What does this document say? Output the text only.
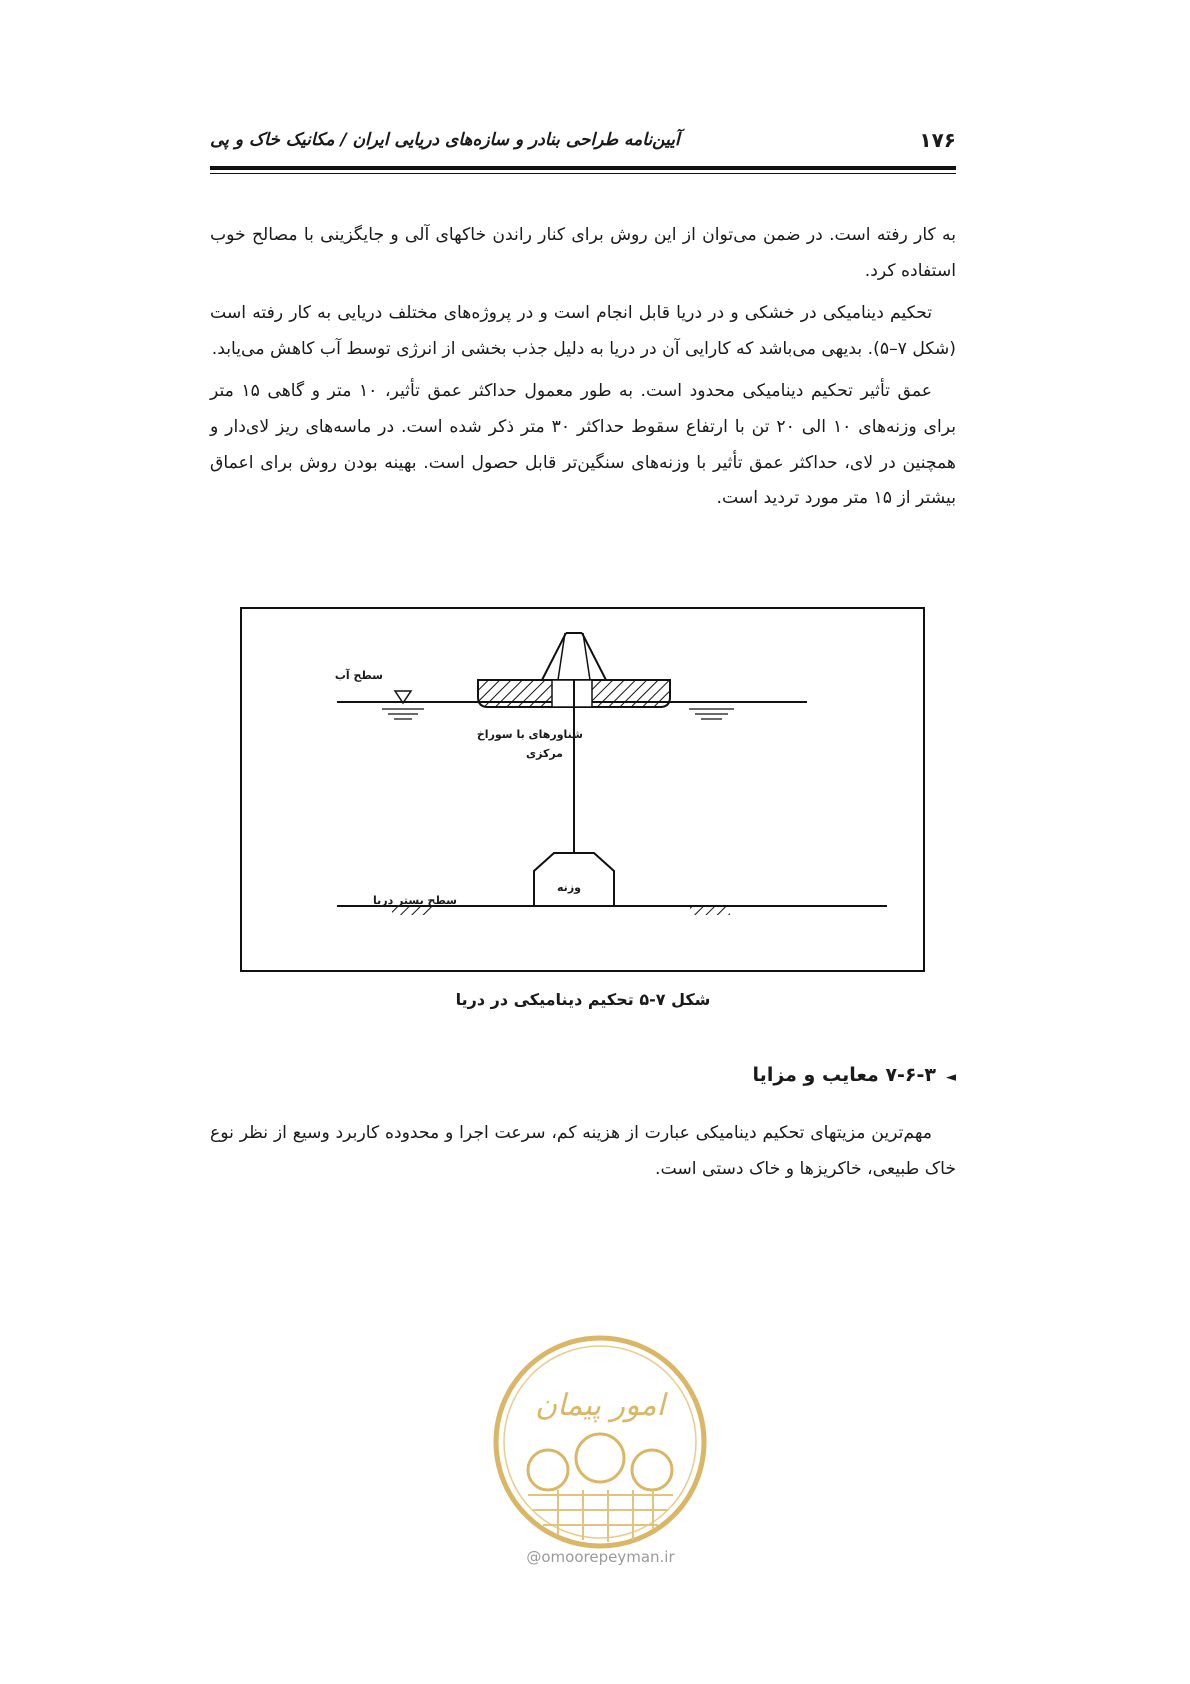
۱۷۶
آیین‌نامه طراحی بنادر و سازه‌های دریایی ایران / مکانیک خاک و پی

به کار رفته است. در ضمن می‌توان از این روش برای کنار راندن خاکهای آلی و جایگزینی با مصالح خوب استفاده کرد.

تحکیم دینامیکی در خشکی و در دریا قابل انجام است و در پروژه‌های مختلف دریایی به کار رفته است (شکل ۷–۵). بدیهی می‌باشد که کارایی آن در دریا به دلیل جذب بخشی از انرژی توسط آب کاهش می‌یابد.

عمق تأثیر تحکیم دینامیکی محدود است. به طور معمول حداکثر عمق تأثیر، ۱۰ متر و گاهی ۱۵ متر برای وزنه‌های ۱۰ الی ۲۰ تن با ارتفاع سقوط حداکثر ۳۰ متر ذکر شده است. در ماسه‌های ریز لای‌دار و همچنین در لای، حداکثر عمق تأثیر با وزنه‌های سنگین‌تر قابل حصول است. بهینه بودن روش برای اعماق بیشتر از ۱۵ متر مورد تردید است.

سطح آب
شناورهای با سوراخ
مرکزی
وزنه
سطح بستر دریا
شکل ۷-۵ تحکیم دینامیکی در دریا
◄۷-۶-۳ معایب و مزایا

مهم‌ترین مزیتهای تحکیم دینامیکی عبارت از هزینه کم، سرعت اجرا و محدوده کاربرد وسیع از نظر نوع خاک طبیعی، خاکریزها و خاک دستی است.

امور پیمان
@omoorepeyman.ir
